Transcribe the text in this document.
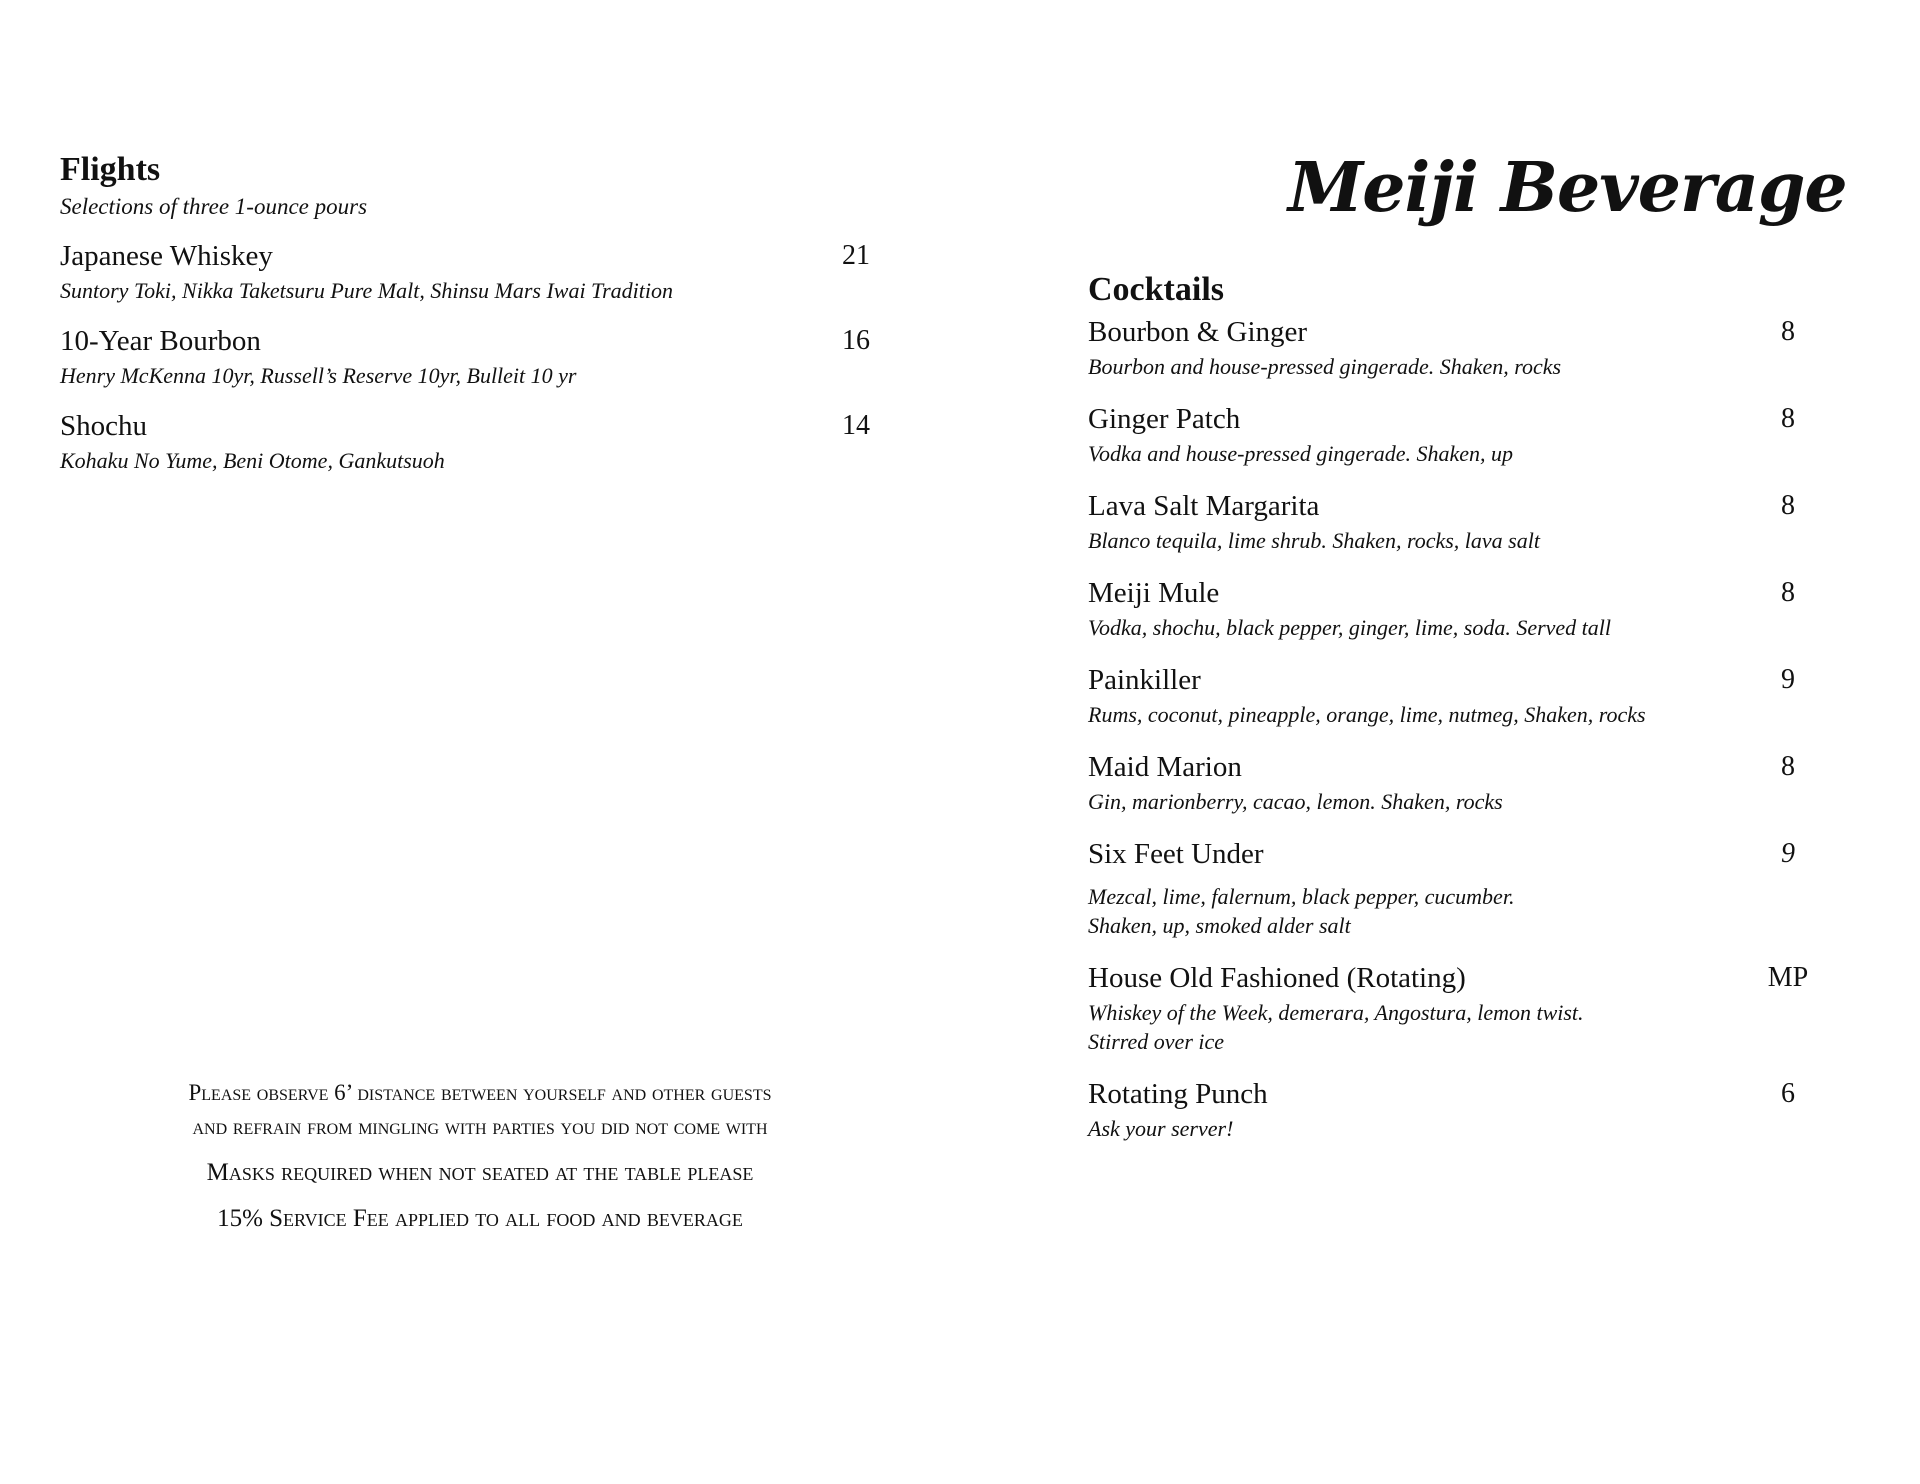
Flights
Selections of three 1-ounce pours
Japanese Whiskey	21
Suntory Toki, Nikka Taketsuru Pure Malt, Shinsu Mars Iwai Tradition
10-Year Bourbon	16
Henry McKenna 10yr, Russell’s Reserve 10yr, Bulleit 10 yr
Shochu	14
Kohaku No Yume, Beni Otome, Gankutsuoh

Please observe 6’ distance between yourself and other guests
and refrain from mingling with parties you did not come with

Masks required when not seated at the table please

15% Service Fee applied to all food and beverage

Meiji Beverage
Cocktails
Bourbon & Ginger	8
Bourbon and house-pressed gingerade. Shaken, rocks
Ginger Patch	8
Vodka and house-pressed gingerade. Shaken, up
Lava Salt Margarita	8
Blanco tequila, lime shrub. Shaken, rocks, lava salt
Meiji Mule	8
Vodka, shochu, black pepper, ginger, lime, soda. Served tall
Painkiller	9
Rums, coconut, pineapple, orange, lime, nutmeg, Shaken, rocks
Maid Marion	8
Gin, marionberry, cacao, lemon. Shaken, rocks
Six Feet Under	9
Mezcal, lime, falernum, black pepper, cucumber.
Shaken, up, smoked alder salt
House Old Fashioned (Rotating)	MP
Whiskey of the Week, demerara, Angostura, lemon twist.
Stirred over ice
Rotating Punch	6
Ask your server!
